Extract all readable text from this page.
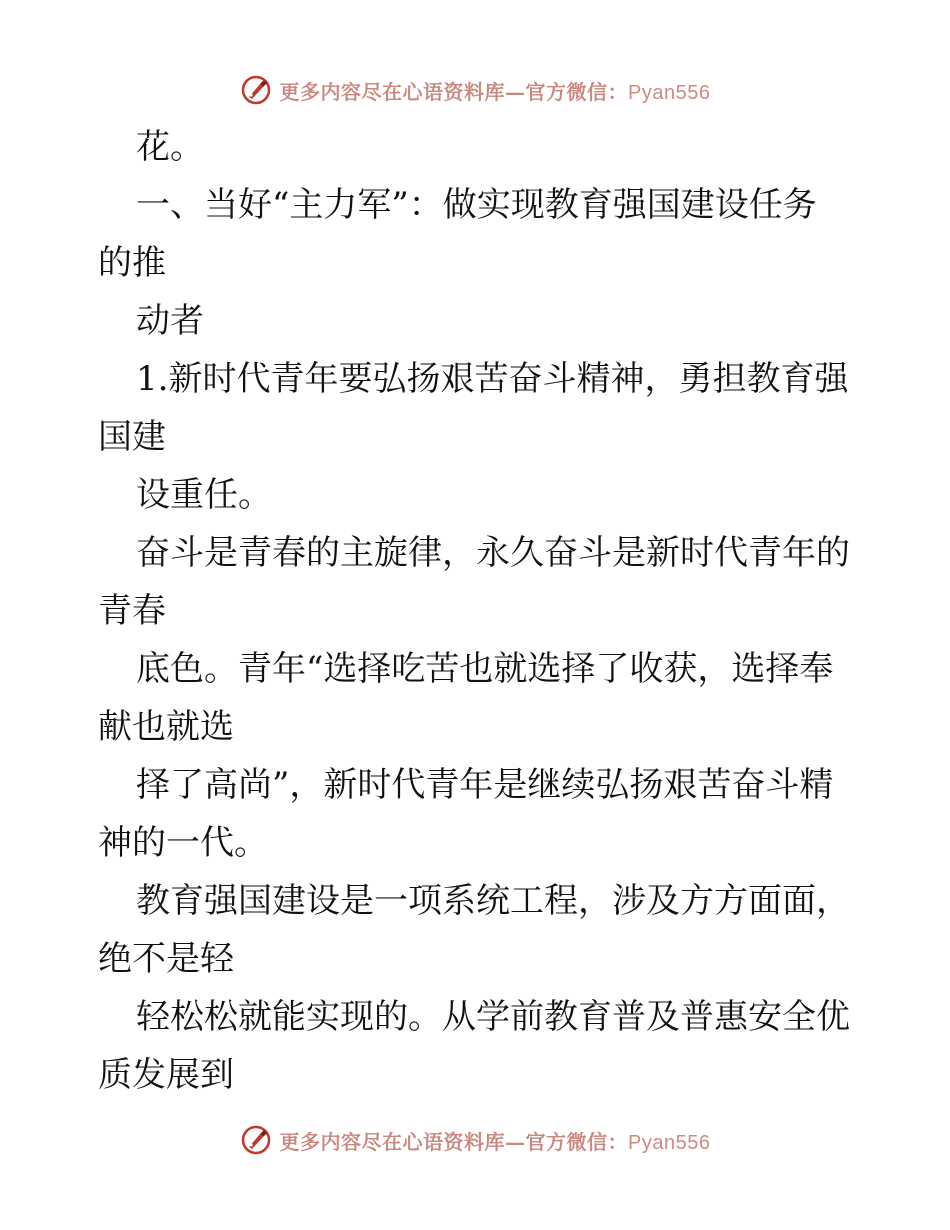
更多内容尽在心语资料库—官方微信：Pyan556
花。
一、当好“主力军”：做实现教育强国建设任务
的推
动者
1.新时代青年要弘扬艰苦奋斗精神，勇担教育强
国建
设重任。
奋斗是青春的主旋律，永久奋斗是新时代青年的
青春
底色。青年“选择吃苦也就选择了收获，选择奉
献也就选
择了高尚”，新时代青年是继续弘扬艰苦奋斗精
神的一代。
教育强国建设是一项系统工程，涉及方方面面，
绝不是轻
轻松松就能实现的。从学前教育普及普惠安全优
质发展到
更多内容尽在心语资料库—官方微信：Pyan556
